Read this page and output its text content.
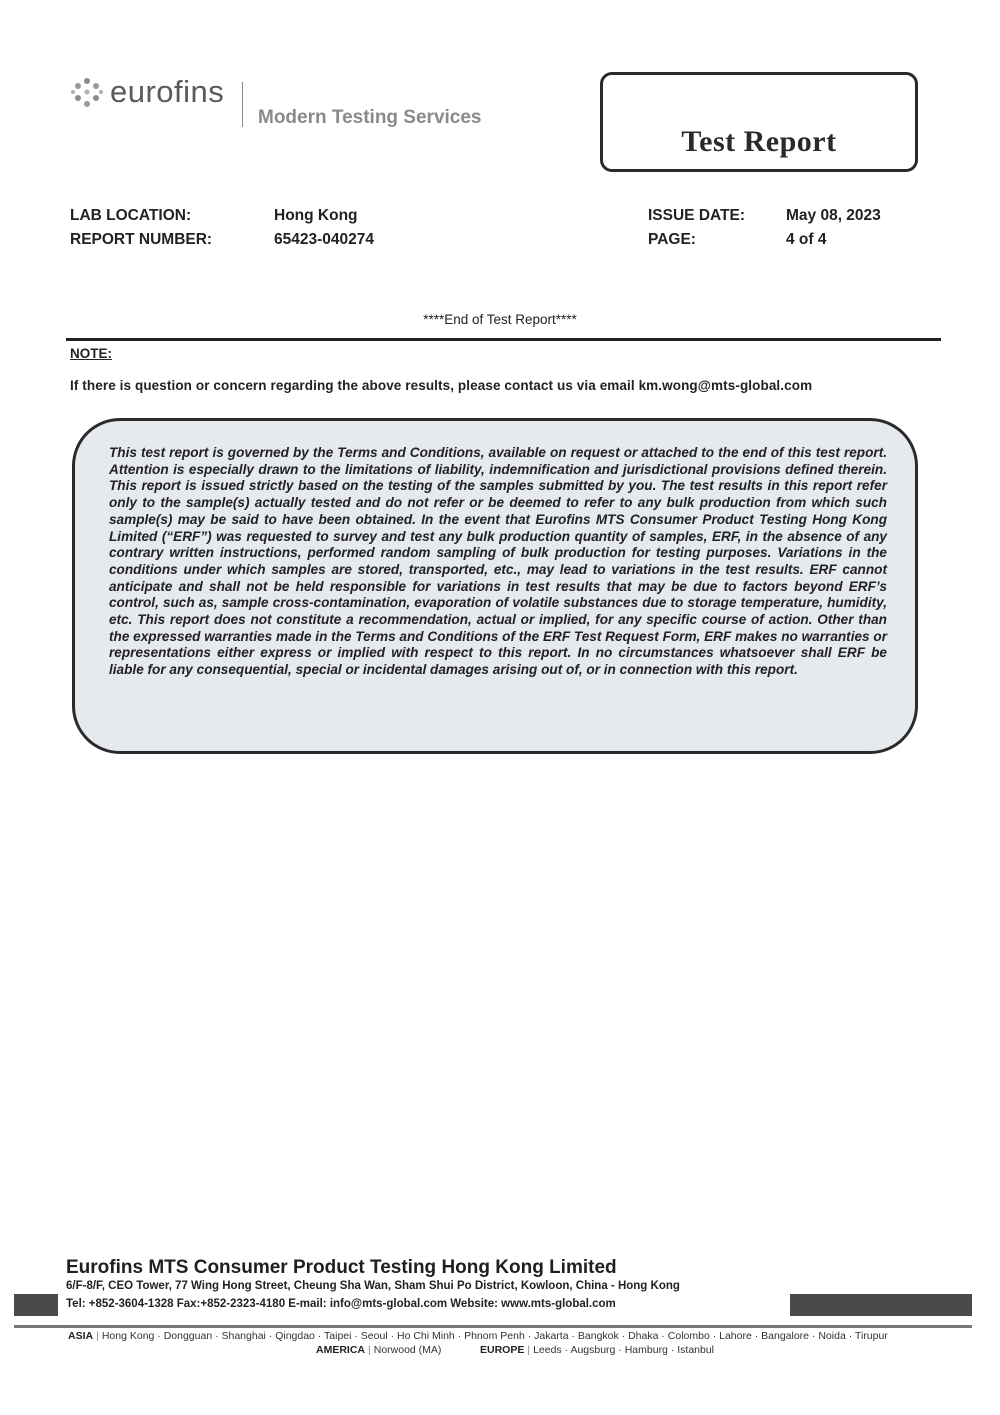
eurofins
Modern Testing Services
Test Report
LAB LOCATION:	Hong Kong	ISSUE DATE:	May 08, 2023
REPORT NUMBER:	65423-040274	PAGE:	4 of 4
****End of Test Report****
NOTE:
If there is question or concern regarding the above results, please contact us via email km.wong@mts-global.com
This test report is governed by the Terms and Conditions, available on request or attached to the end of this test report. Attention is especially drawn to the limitations of liability, indemnification and jurisdictional provisions defined therein. This report is issued strictly based on the testing of the samples submitted by you. The test results in this report refer only to the sample(s) actually tested and do not refer or be deemed to refer to any bulk production from which such sample(s) may be said to have been obtained. In the event that Eurofins MTS Consumer Product Testing Hong Kong Limited (“ERF”) was requested to survey and test any bulk production quantity of samples, ERF, in the absence of any contrary written instructions, performed random sampling of bulk production for testing purposes. Variations in the conditions under which samples are stored, transported, etc., may lead to variations in the test results. ERF cannot anticipate and shall not be held responsible for variations in test results that may be due to factors beyond ERF’s control, such as, sample cross-contamination, evaporation of volatile substances due to storage temperature, humidity, etc. This report does not constitute a recommendation, actual or implied, for any specific course of action. Other than the expressed warranties made in the Terms and Conditions of the ERF Test Request Form, ERF makes no warranties or representations either express or implied with respect to this report. In no circumstances whatsoever shall ERF be liable for any consequential, special or incidental damages arising out of, or in connection with this report.
Eurofins MTS Consumer Product Testing Hong Kong Limited
6/F-8/F, CEO Tower, 77 Wing Hong Street, Cheung Sha Wan, Sham Shui Po District, Kowloon, China - Hong Kong
Tel: +852-3604-1328 Fax:+852-2323-4180 E-mail: info@mts-global.com Website: www.mts-global.com
ASIA | Hong Kong · Dongguan · Shanghai · Qingdao · Taipei · Seoul · Ho Chi Minh · Phnom Penh · Jakarta · Bangkok · Dhaka · Colombo · Lahore · Bangalore · Noida · Tirupur
AMERICA | Norwood (MA)	EUROPE | Leeds · Augsburg · Hamburg · Istanbul
